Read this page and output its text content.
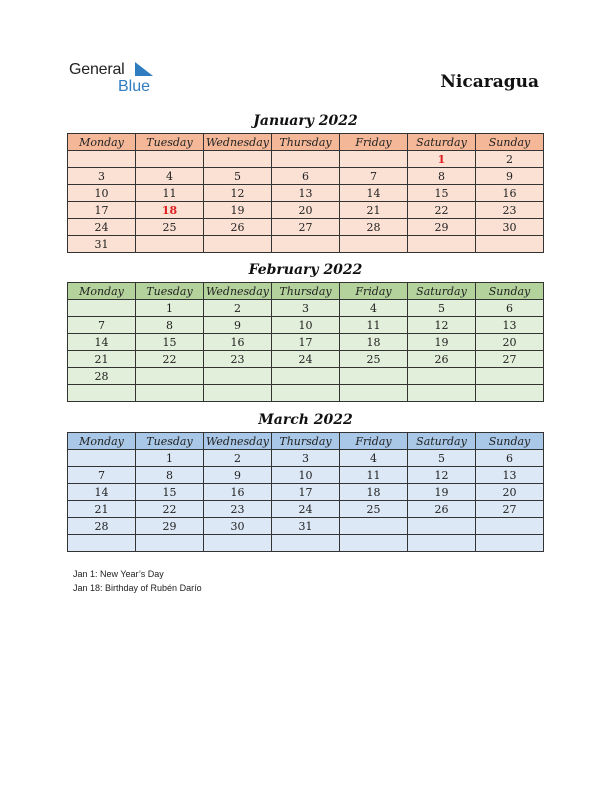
General
Blue	Nicaragua
January 2022
Monday	Tuesday	Wednesday	Thursday	Friday	Saturday	Sunday
					1	2
3	4	5	6	7	8	9
10	11	12	13	14	15	16
17	18	19	20	21	22	23
24	25	26	27	28	29	30
31						
February 2022
Monday	Tuesday	Wednesday	Thursday	Friday	Saturday	Sunday
	1	2	3	4	5	6
7	8	9	10	11	12	13
14	15	16	17	18	19	20
21	22	23	24	25	26	27
28						

March 2022
Monday	Tuesday	Wednesday	Thursday	Friday	Saturday	Sunday
	1	2	3	4	5	6
7	8	9	10	11	12	13
14	15	16	17	18	19	20
21	22	23	24	25	26	27
28	29	30	31			

Jan 1: New Year’s Day
Jan 18: Birthday of Rubén Darío
